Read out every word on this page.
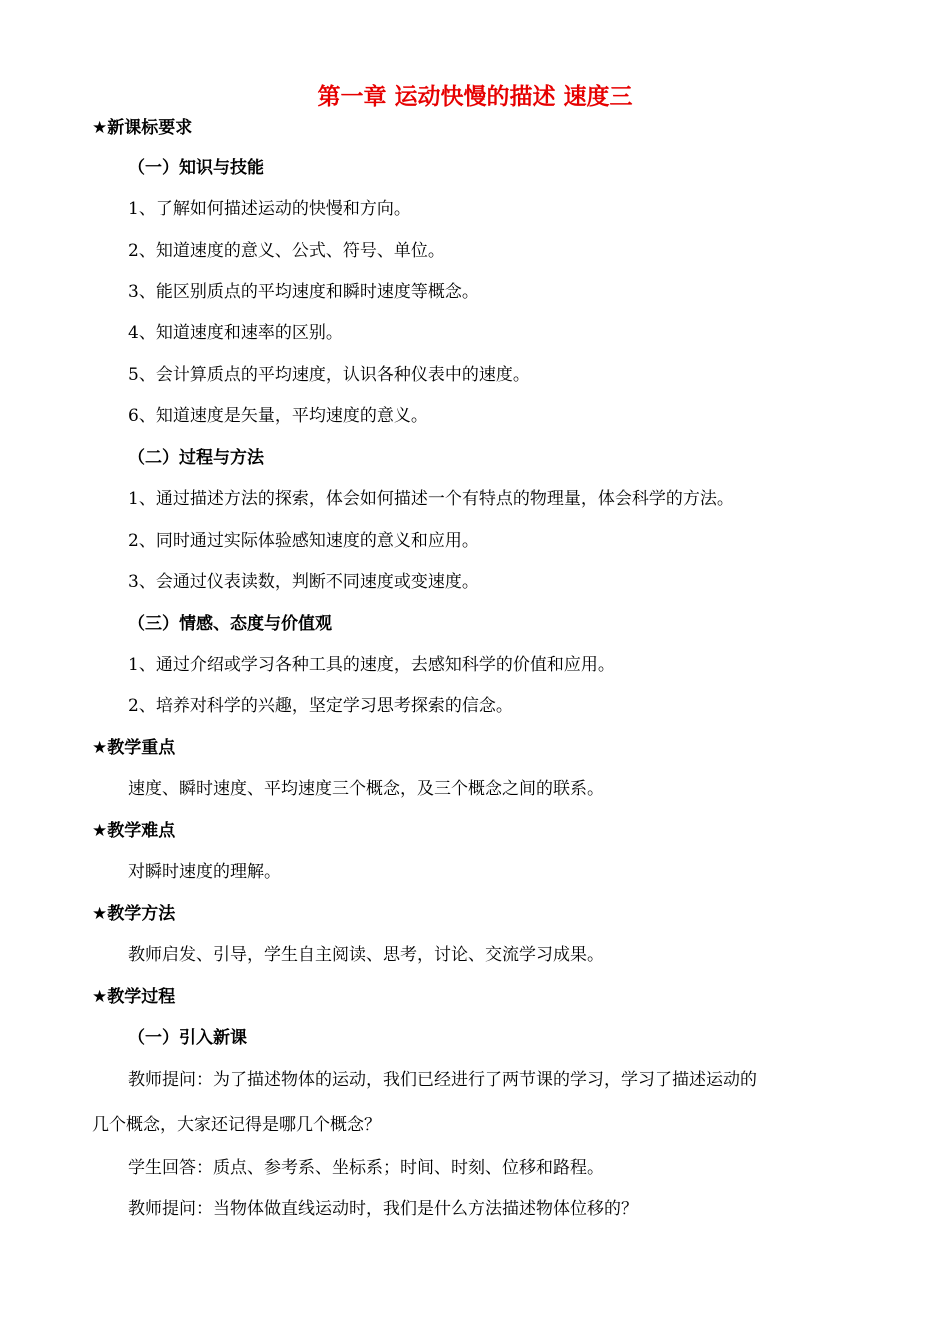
第一章 运动快慢的描述 速度三
★新课标要求
（一）知识与技能
1、了解如何描述运动的快慢和方向。
2、知道速度的意义、公式、符号、单位。
3、能区别质点的平均速度和瞬时速度等概念。
4、知道速度和速率的区别。
5、会计算质点的平均速度，认识各种仪表中的速度。
6、知道速度是矢量，平均速度的意义。
（二）过程与方法
1、通过描述方法的探索，体会如何描述一个有特点的物理量，体会科学的方法。
2、同时通过实际体验感知速度的意义和应用。
3、会通过仪表读数，判断不同速度或变速度。
（三）情感、态度与价值观
1、通过介绍或学习各种工具的速度，去感知科学的价值和应用。
2、培养对科学的兴趣，坚定学习思考探索的信念。
★教学重点
速度、瞬时速度、平均速度三个概念，及三个概念之间的联系。
★教学难点
对瞬时速度的理解。
★教学方法
教师启发、引导，学生自主阅读、思考，讨论、交流学习成果。
★教学过程
（一）引入新课
教师提问：为了描述物体的运动，我们已经进行了两节课的学习，学习了描述运动的
几个概念，大家还记得是哪几个概念？
学生回答：质点、参考系、坐标系；时间、时刻、位移和路程。
教师提问：当物体做直线运动时，我们是什么方法描述物体位移的？
